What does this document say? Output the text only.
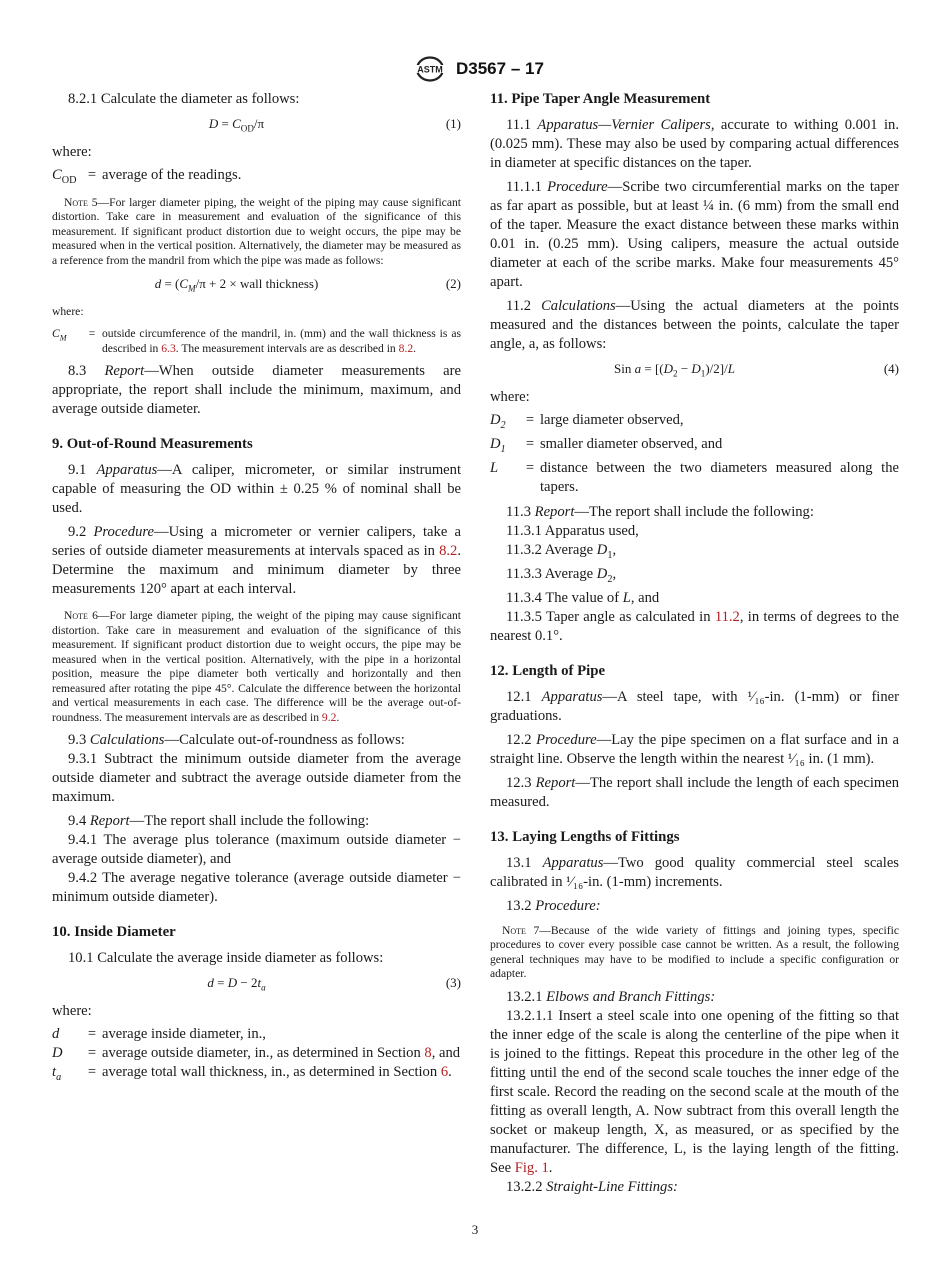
ASTM D3567 – 17

8.2.1 Calculate the diameter as follows:

$D = C_{OD}/\pi$	(1)

where:

$C_{OD}$	=	average of the readings.

Note 5—For larger diameter piping, the weight of the piping may cause significant distortion. Take care in measurement and evaluation of the significance of this measurement. If significant product distortion due to weight occurs, the pipe may be measured when in the vertical position. Alternatively, the diameter may be measured as a reference from the mandril from which the pipe was made as follows:

$d = (C_M/\pi + 2$ × wall thickness)	(2)

where:

$C_M$	=	outside circumference of the mandril, in. (mm) and the wall thickness is as described in 6.3. The measurement intervals are as described in 8.2.

8.3 Report—When outside diameter measurements are appropriate, the report shall include the minimum, maximum, and average outside diameter.

9. Out-of-Round Measurements

9.1 Apparatus—A caliper, micrometer, or similar instrument capable of measuring the OD within ± 0.25 % of nominal shall be used.

9.2 Procedure—Using a micrometer or vernier calipers, take a series of outside diameter measurements at intervals spaced as in 8.2. Determine the maximum and minimum diameter by three measurements 120° apart at each interval.

Note 6—For large diameter piping, the weight of the piping may cause significant distortion. Take care in measurement and evaluation of the significance of this measurement. If significant product distortion due to weight occurs, the pipe may be measured when in the vertical position. Alternatively, with the pipe in a horizontal position, measure the pipe diameter both vertically and horizontally and then remeasured after rotating the pipe 45°. Calculate the difference between the horizontal and vertical measurements in each case. The difference will be the average out-of-roundness. The measurement intervals are as described in 9.2.

9.3 Calculations—Calculate out-of-roundness as follows:

9.3.1 Subtract the minimum outside diameter from the average outside diameter and subtract the average outside diameter from the maximum.

9.4 Report—The report shall include the following:

9.4.1 The average plus tolerance (maximum outside diameter − average outside diameter), and

9.4.2 The average negative tolerance (average outside diameter − minimum outside diameter).

10. Inside Diameter

10.1 Calculate the average inside diameter as follows:

$d = D - 2t_a$	(3)

where:

d	=	average inside diameter, in.,
D	=	average outside diameter, in., as determined in Section 8, and
$t_a$	=	average total wall thickness, in., as determined in Section 6.

11. Pipe Taper Angle Measurement

11.1 Apparatus—Vernier Calipers, accurate to withing 0.001 in. (0.025 mm). These may also be used by comparing actual differences in diameter at specific distances on the taper.

11.1.1 Procedure—Scribe two circumferential marks on the taper as far apart as possible, but at least ¼ in. (6 mm) from the small end of the taper. Measure the exact distance between these marks within 0.01 in. (0.25 mm). Using calipers, measure the actual outside diameter at each of the scribe marks. Make four measurements 45° apart.

11.2 Calculations—Using the actual diameters at the points measured and the distances between the points, calculate the taper angle, a, as follows:

Sin $a = [(D_2 - D_1)/2]/L$	(4)

where:

$D_2$	=	large diameter observed,
$D_1$	=	smaller diameter observed, and
L	=	distance between the two diameters measured along the tapers.

11.3 Report—The report shall include the following:

11.3.1 Apparatus used,

11.3.2 Average $D_1$,

11.3.3 Average $D_2$,

11.3.4 The value of L, and

11.3.5 Taper angle as calculated in 11.2, in terms of degrees to the nearest 0.1°.

12. Length of Pipe

12.1 Apparatus—A steel tape, with ¹⁄₁₆-in. (1-mm) or finer graduations.

12.2 Procedure—Lay the pipe specimen on a flat surface and in a straight line. Observe the length within the nearest ¹⁄₁₆ in. (1 mm).

12.3 Report—The report shall include the length of each specimen measured.

13. Laying Lengths of Fittings

13.1 Apparatus—Two good quality commercial steel scales calibrated in ¹⁄₁₆-in. (1-mm) increments.

13.2 Procedure:

Note 7—Because of the wide variety of fittings and joining types, specific procedures to cover every possible case cannot be written. As a result, the following general techniques may have to be modified to include a specific configuration or adapter.

13.2.1 Elbows and Branch Fittings:

13.2.1.1 Insert a steel scale into one opening of the fitting so that the inner edge of the scale is along the centerline of the pipe when it is joined to the fittings. Repeat this procedure in the other leg of the fitting until the end of the second scale touches the inner edge of the first scale. Record the reading on the second scale at the mouth of the fitting as overall length, A. Now subtract from this overall length the socket or makeup length, X, as measured, or as specified by the manufacturer. The difference, L, is the laying length of the fitting. See Fig. 1.

13.2.2 Straight-Line Fittings:

3
